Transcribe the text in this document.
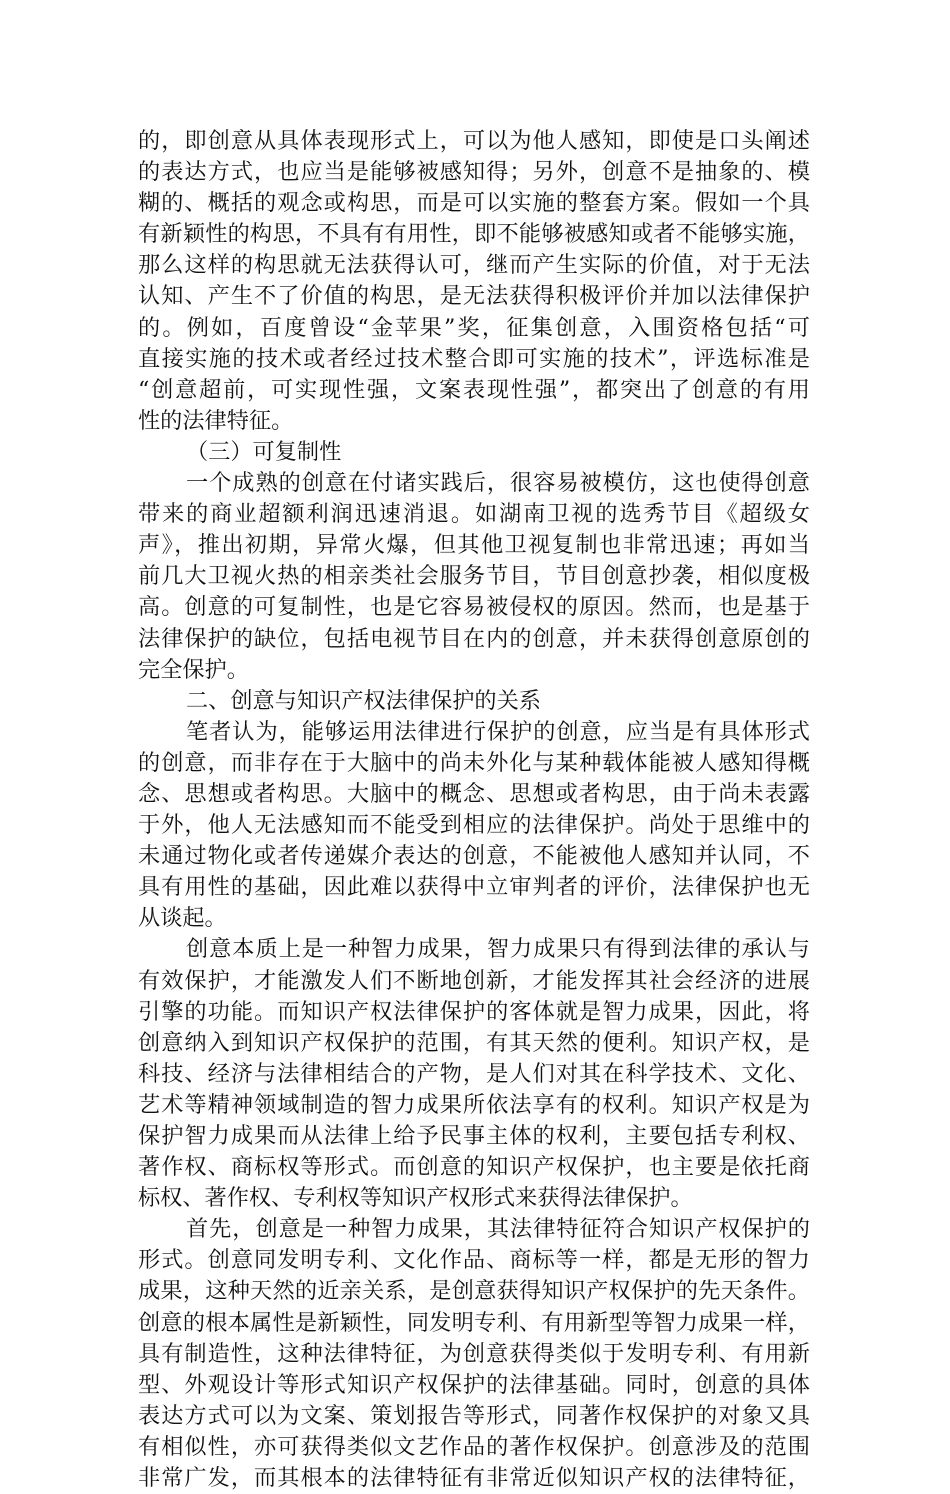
的，即创意从具体表现形式上，可以为他人感知，即使是口头阐述
的表达方式，也应当是能够被感知得；另外，创意不是抽象的、模
糊的、概括的观念或构思，而是可以实施的整套方案。假如一个具
有新颖性的构思，不具有有用性，即不能够被感知或者不能够实施，
那么这样的构思就无法获得认可，继而产生实际的价值，对于无法
认知、产生不了价值的构思，是无法获得积极评价并加以法律保护
的。例如，百度曾设“金苹果”奖，征集创意，入围资格包括“可
直接实施的技术或者经过技术整合即可实施的技术”，评选标准是
“创意超前，可实现性强，文案表现性强”，都突出了创意的有用
性的法律特征。
（三）可复制性
一个成熟的创意在付诸实践后，很容易被模仿，这也使得创意
带来的商业超额利润迅速消退。如湖南卫视的选秀节目《超级女
声》，推出初期，异常火爆，但其他卫视复制也非常迅速；再如当
前几大卫视火热的相亲类社会服务节目，节目创意抄袭，相似度极
高。创意的可复制性，也是它容易被侵权的原因。然而，也是基于
法律保护的缺位，包括电视节目在内的创意，并未获得创意原创的
完全保护。
二、创意与知识产权法律保护的关系
笔者认为，能够运用法律进行保护的创意，应当是有具体形式
的创意，而非存在于大脑中的尚未外化与某种载体能被人感知得概
念、思想或者构思。大脑中的概念、思想或者构思，由于尚未表露
于外，他人无法感知而不能受到相应的法律保护。尚处于思维中的
未通过物化或者传递媒介表达的创意，不能被他人感知并认同，不
具有用性的基础，因此难以获得中立审判者的评价，法律保护也无
从谈起。
创意本质上是一种智力成果，智力成果只有得到法律的承认与
有效保护，才能激发人们不断地创新，才能发挥其社会经济的进展
引擎的功能。而知识产权法律保护的客体就是智力成果，因此，将
创意纳入到知识产权保护的范围，有其天然的便利。知识产权，是
科技、经济与法律相结合的产物，是人们对其在科学技术、文化、
艺术等精神领域制造的智力成果所依法享有的权利。知识产权是为
保护智力成果而从法律上给予民事主体的权利，主要包括专利权、
著作权、商标权等形式。而创意的知识产权保护，也主要是依托商
标权、著作权、专利权等知识产权形式来获得法律保护。
首先，创意是一种智力成果，其法律特征符合知识产权保护的
形式。创意同发明专利、文化作品、商标等一样，都是无形的智力
成果，这种天然的近亲关系，是创意获得知识产权保护的先天条件。
创意的根本属性是新颖性，同发明专利、有用新型等智力成果一样，
具有制造性，这种法律特征，为创意获得类似于发明专利、有用新
型、外观设计等形式知识产权保护的法律基础。同时，创意的具体
表达方式可以为文案、策划报告等形式，同著作权保护的对象又具
有相似性，亦可获得类似文艺作品的著作权保护。创意涉及的范围
非常广发，而其根本的法律特征有非常近似知识产权的法律特征，
